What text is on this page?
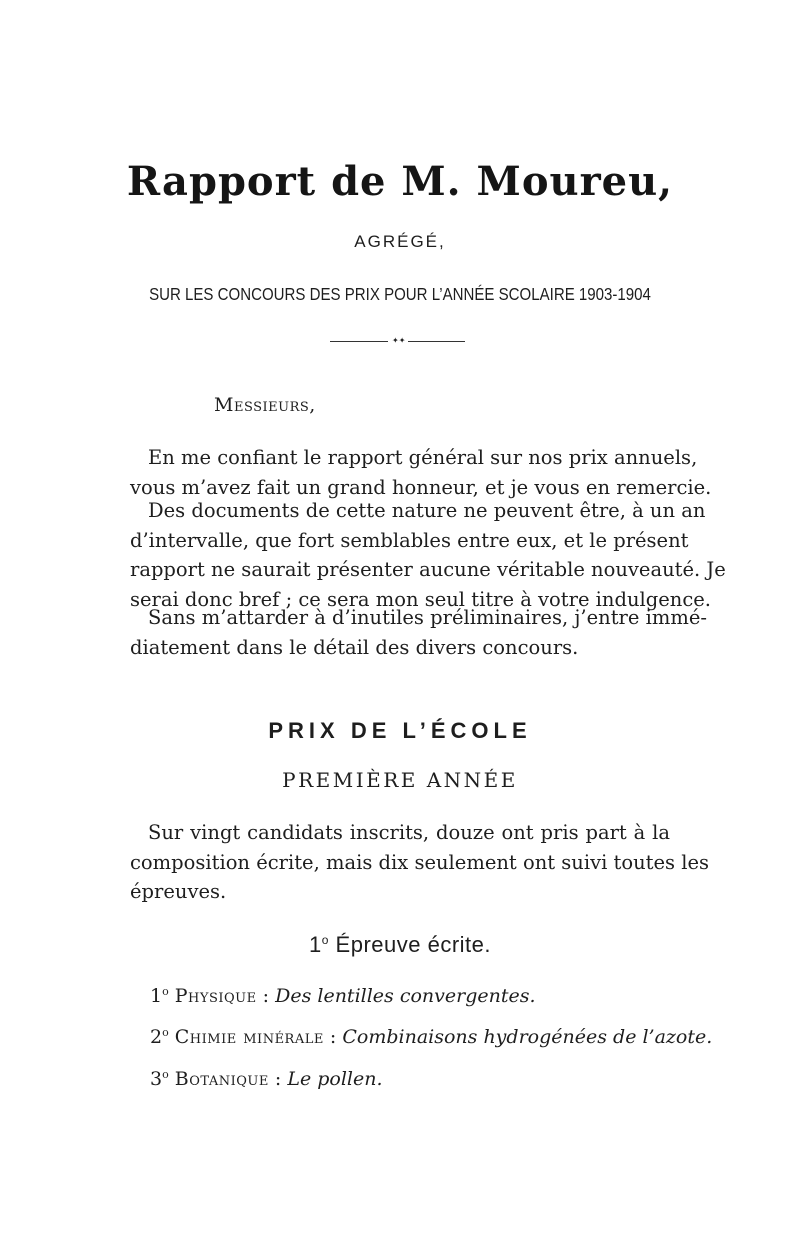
Rapport de M. Moureu,
AGRÉGÉ,
SUR LES CONCOURS DES PRIX POUR L’ANNÉE SCOLAIRE 1903-1904
✦✦
Messieurs,
En me confiant le rapport général sur nos prix annuels,
vous m’avez fait un grand honneur, et je vous en remercie.
Des documents de cette nature ne peuvent être, à un an
d’intervalle, que fort semblables entre eux, et le présent
rapport ne saurait présenter aucune véritable nouveauté. Je
serai donc bref ; ce sera mon seul titre à votre indulgence.
Sans m’attarder à d’inutiles préliminaires, j’entre immé-
diatement dans le détail des divers concours.
PRIX DE L’ÉCOLE
PREMIÈRE ANNÉE
Sur vingt candidats inscrits, douze ont pris part à la
composition écrite, mais dix seulement ont suivi toutes les
épreuves.
1$^o$ Épreuve écrite.
1$^o$ Physique : Des lentilles convergentes.
2$^o$ Chimie minérale : Combinaisons hydrogénées de l’azote.
3$^o$ Botanique : Le pollen.
